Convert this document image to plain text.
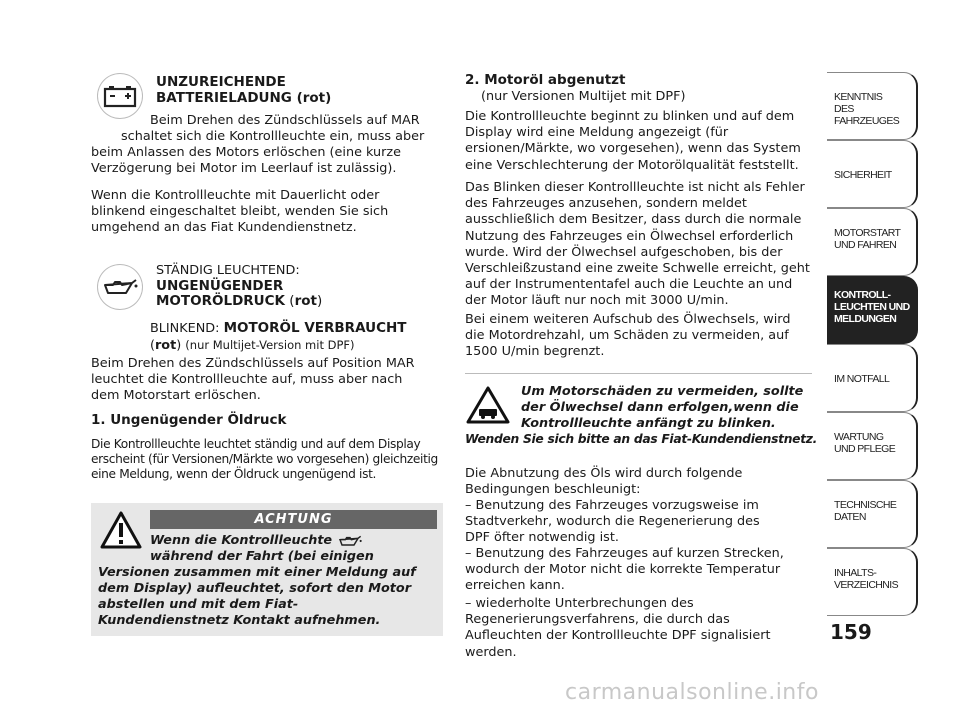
UNZUREICHENDE
BATTERIELADUNG (rot)
Beim Drehen des Zündschlüssels auf MAR
schaltet sich die Kontrollleuchte ein, muss aber beim Anlassen des Motors erlöschen (eine kurze Verzögerung bei Motor im Leerlauf ist zulässig).
Wenn die Kontrollleuchte mit Dauerlicht oder blinkend eingeschaltet bleibt, wenden Sie sich umgehend an das Fiat Kundendienstnetz.
STÄNDIG LEUCHTEND:
UNGENÜGENDER
MOTORÖLDRUCK (rot)
BLINKEND: MOTORÖL VERBRAUCHT
(rot) (nur Multijet-Version mit DPF)
Beim Drehen des Zündschlüssels auf Position MAR leuchtet die Kontrollleuchte auf, muss aber nach dem Motorstart erlöschen.
1. Ungenügender Öldruck
Die Kontrollleuchte leuchtet ständig und auf dem Display erscheint (für Versionen/Märkte wo vorgesehen) gleichzeitig eine Meldung, wenn der Öldruck ungenügend ist.
ACHTUNG
Wenn die Kontrollleuchte
während der Fahrt (bei einigen
Versionen zusammen mit einer Meldung auf dem Display) aufleuchtet, sofort den Motor abstellen und mit dem Fiat-Kundendienstnetz Kontakt aufnehmen.
2. Motoröl abgenutzt
(nur Versionen Multijet mit DPF)
Die Kontrollleuchte beginnt zu blinken und auf dem Display wird eine Meldung angezeigt (für ersionen/Märkte, wo vorgesehen), wenn das System eine Verschlechterung der Motorölqualität feststellt.
Das Blinken dieser Kontrollleuchte ist nicht als Fehler des Fahrzeuges anzusehen, sondern meldet ausschließlich dem Besitzer, dass durch die normale Nutzung des Fahrzeuges ein Ölwechsel erforderlich wurde. Wird der Ölwechsel aufgeschoben, bis der Verschleißzustand eine zweite Schwelle erreicht, geht auf der Instrumententafel auch die Leuchte an und der Motor läuft nur noch mit 3000 U/min.
Bei einem weiteren Aufschub des Ölwechsels, wird die Motordrehzahl, um Schäden zu vermeiden, auf 1500 U/min begrenzt.
Um Motorschäden zu vermeiden, sollte
der Ölwechsel dann erfolgen,wenn die
Kontrollleuchte anfängt zu blinken.
Wenden Sie sich bitte an das Fiat-Kundendienstnetz.
Die Abnutzung des Öls wird durch folgende Bedingungen beschleunigt:
– Benutzung des Fahrzeuges vorzugsweise im Stadtverkehr, wodurch die Regenerierung des DPF öfter notwendig ist.
– Benutzung des Fahrzeuges auf kurzen Strecken, wodurch der Motor nicht die korrekte Temperatur erreichen kann.
– wiederholte Unterbrechungen des Regenerierungsverfahrens, die durch das Aufleuchten der Kontrollleuchte DPF signalisiert werden.
KENNTNIS
DES FAHRZEUGES
SICHERHEIT
MOTORSTART
UND FAHREN
KONTROLL-
LEUCHTEN UND
MELDUNGEN
IM NOTFALL
WARTUNG
UND PFLEGE
TECHNISCHE
DATEN
INHALTS-
VERZEICHNIS
159
carmanualsonline.info
